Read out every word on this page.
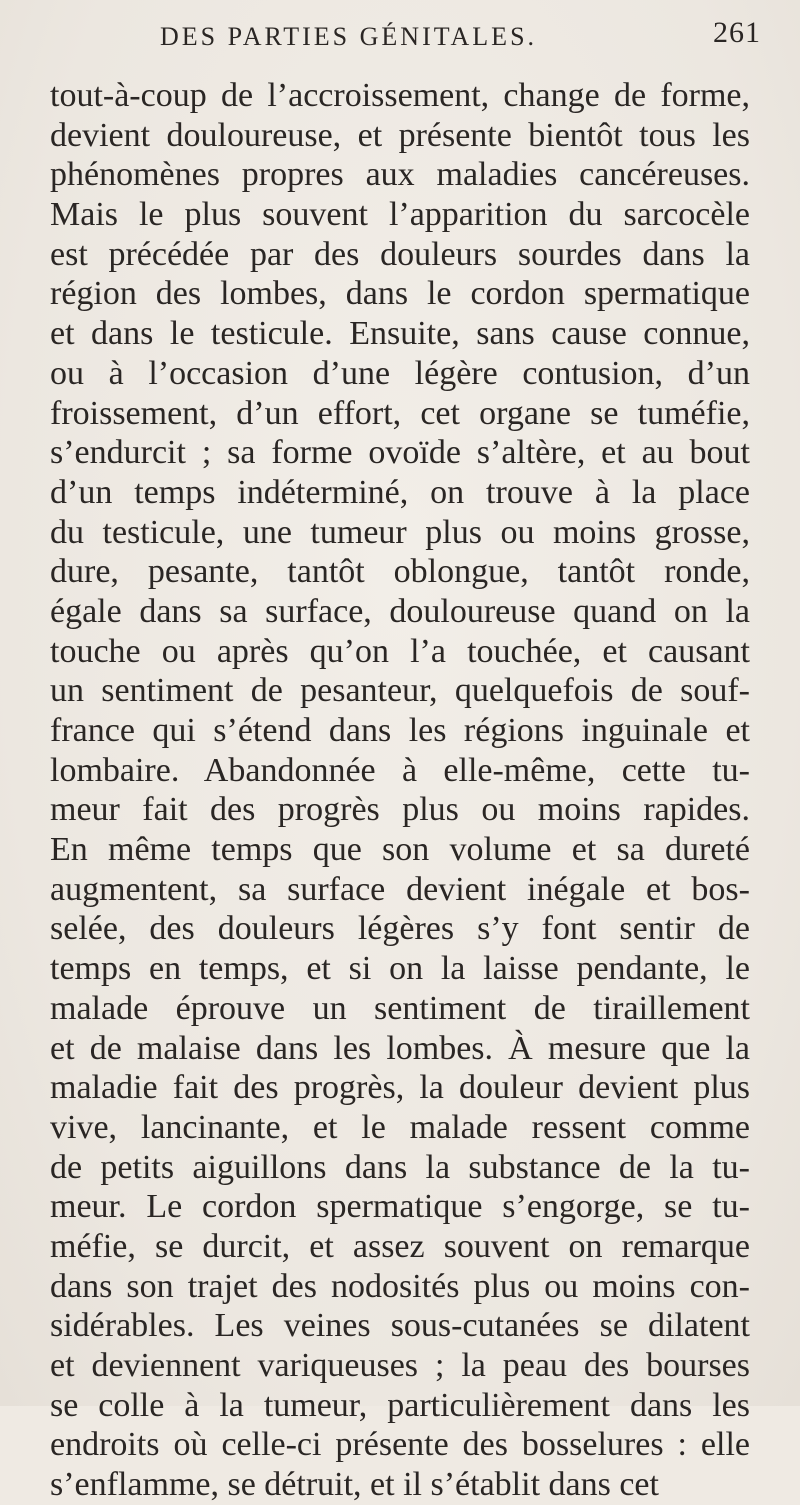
DES PARTIES GÉNITALES.	261
tout-à-coup de l’accroissement, change de forme,
devient douloureuse, et présente bientôt tous les
phénomènes propres aux maladies cancéreuses.
Mais le plus souvent l’apparition du sarcocèle
est précédée par des douleurs sourdes dans la
région des lombes, dans le cordon spermatique
et dans le testicule. Ensuite, sans cause connue,
ou à l’occasion d’une légère contusion, d’un
froissement, d’un effort, cet organe se tuméfie,
s’endurcit ; sa forme ovoïde s’altère, et au bout
d’un temps indéterminé, on trouve à la place
du testicule, une tumeur plus ou moins grosse,
dure, pesante, tantôt oblongue, tantôt ronde,
égale dans sa surface, douloureuse quand on la
touche ou après qu’on l’a touchée, et causant
un sentiment de pesanteur, quelquefois de souf-
france qui s’étend dans les régions inguinale et
lombaire. Abandonnée à elle-même, cette tu-
meur fait des progrès plus ou moins rapides.
En même temps que son volume et sa dureté
augmentent, sa surface devient inégale et bos-
selée, des douleurs légères s’y font sentir de
temps en temps, et si on la laisse pendante, le
malade éprouve un sentiment de tiraillement
et de malaise dans les lombes. À mesure que la
maladie fait des progrès, la douleur devient plus
vive, lancinante, et le malade ressent comme
de petits aiguillons dans la substance de la tu-
meur. Le cordon spermatique s’engorge, se tu-
méfie, se durcit, et assez souvent on remarque
dans son trajet des nodosités plus ou moins con-
sidérables. Les veines sous-cutanées se dilatent
et deviennent variqueuses ; la peau des bourses
se colle à la tumeur, particulièrement dans les
endroits où celle-ci présente des bosselures : elle
s’enflamme, se détruit, et il s’établit dans cet
